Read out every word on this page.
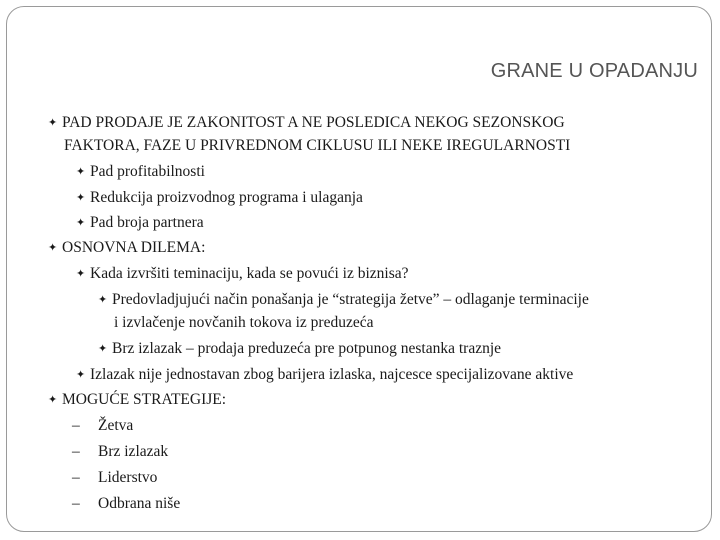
GRANE U OPADANJU
✦ PAD PRODAJE JE ZAKONITOST A NE POSLEDICA NEKOG SEZONSKOG
FAKTORA, FAZE U PRIVREDNOM CIKLUSU ILI NEKE IREGULARNOSTI
✦ Pad profitabilnosti
✦ Redukcija proizvodnog programa i ulaganja
✦ Pad broja partnera
✦ OSNOVNA DILEMA:
✦ Kada izvršiti teminaciju, kada se povući iz biznisa?
✦ Predovladjujući način ponašanja je “strategija žetve” – odlaganje terminacije
i izvlačenje novčanih tokova iz preduzeća
✦ Brz izlazak – prodaja preduzeća pre potpunog nestanka traznje
✦ Izlazak nije jednostavan zbog barijera izlaska, najcesce specijalizovane aktive
✦ MOGUĆE STRATEGIJE:
– Žetva
– Brz izlazak
– Liderstvo
– Odbrana niše
